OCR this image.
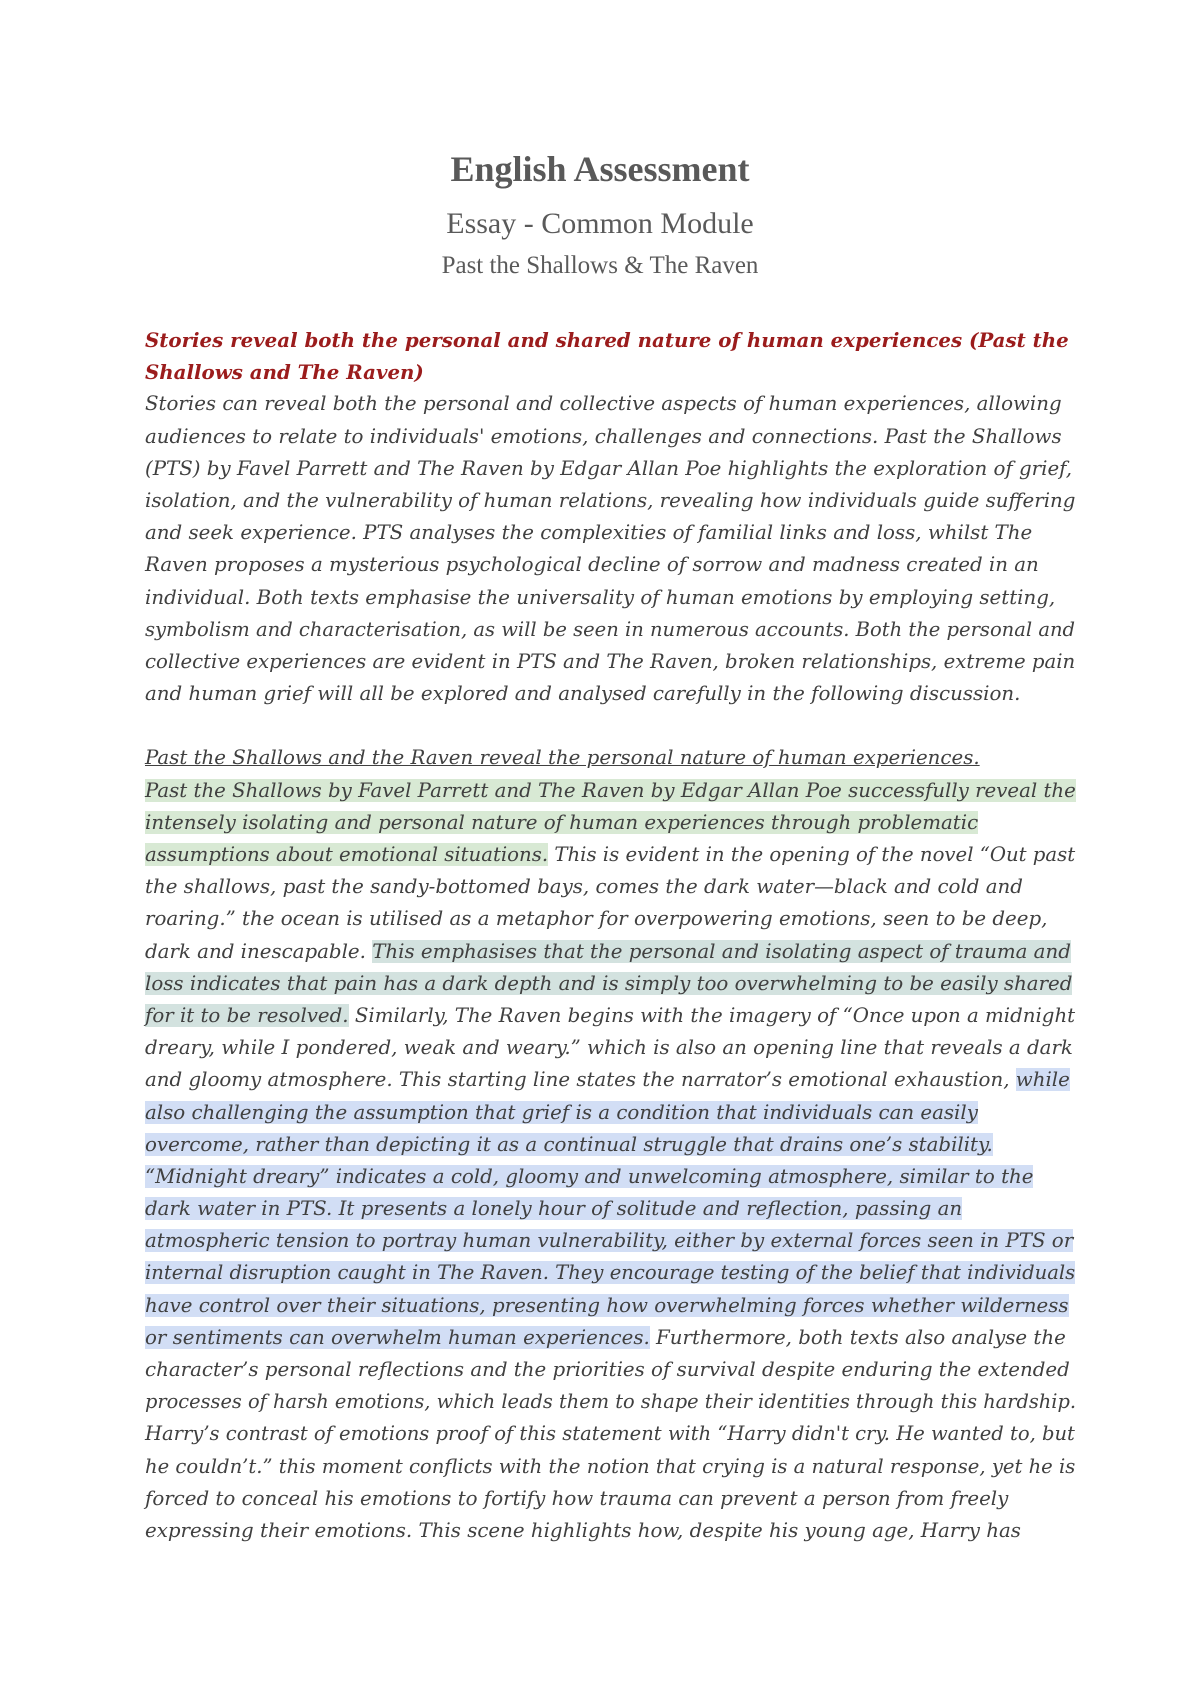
English Assessment
Essay - Common Module
Past the Shallows & The Raven
Stories reveal both the personal and shared nature of human experiences (Past the
Shallows and The Raven)
Stories can reveal both the personal and collective aspects of human experiences, allowing
audiences to relate to individuals' emotions, challenges and connections. Past the Shallows
(PTS) by Favel Parrett and The Raven by Edgar Allan Poe highlights the exploration of grief,
isolation, and the vulnerability of human relations, revealing how individuals guide suffering
and seek experience. PTS analyses the complexities of familial links and loss, whilst The
Raven proposes a mysterious psychological decline of sorrow and madness created in an
individual. Both texts emphasise the universality of human emotions by employing setting,
symbolism and characterisation, as will be seen in numerous accounts. Both the personal and
collective experiences are evident in PTS and The Raven, broken relationships, extreme pain
and human grief will all be explored and analysed carefully in the following discussion.
Past the Shallows and the Raven reveal the personal nature of human experiences.
Past the Shallows by Favel Parrett and The Raven by Edgar Allan Poe successfully reveal the
intensely isolating and personal nature of human experiences through problematic
assumptions about emotional situations. This is evident in the opening of the novel “Out past
the shallows, past the sandy-bottomed bays, comes the dark water—black and cold and
roaring.” the ocean is utilised as a metaphor for overpowering emotions, seen to be deep,
dark and inescapable. This emphasises that the personal and isolating aspect of trauma and
loss indicates that pain has a dark depth and is simply too overwhelming to be easily shared
for it to be resolved. Similarly, The Raven begins with the imagery of “Once upon a midnight
dreary, while I pondered, weak and weary.” which is also an opening line that reveals a dark
and gloomy atmosphere. This starting line states the narrator’s emotional exhaustion, while
also challenging the assumption that grief is a condition that individuals can easily
overcome, rather than depicting it as a continual struggle that drains one’s stability.
“Midnight dreary” indicates a cold, gloomy and unwelcoming atmosphere, similar to the
dark water in PTS. It presents a lonely hour of solitude and reflection, passing an
atmospheric tension to portray human vulnerability, either by external forces seen in PTS or
internal disruption caught in The Raven. They encourage testing of the belief that individuals
have control over their situations, presenting how overwhelming forces whether wilderness
or sentiments can overwhelm human experiences. Furthermore, both texts also analyse the
character’s personal reflections and the priorities of survival despite enduring the extended
processes of harsh emotions, which leads them to shape their identities through this hardship.
Harry’s contrast of emotions proof of this statement with “Harry didn't cry. He wanted to, but
he couldn’t.” this moment conflicts with the notion that crying is a natural response, yet he is
forced to conceal his emotions to fortify how trauma can prevent a person from freely
expressing their emotions. This scene highlights how, despite his young age, Harry has
